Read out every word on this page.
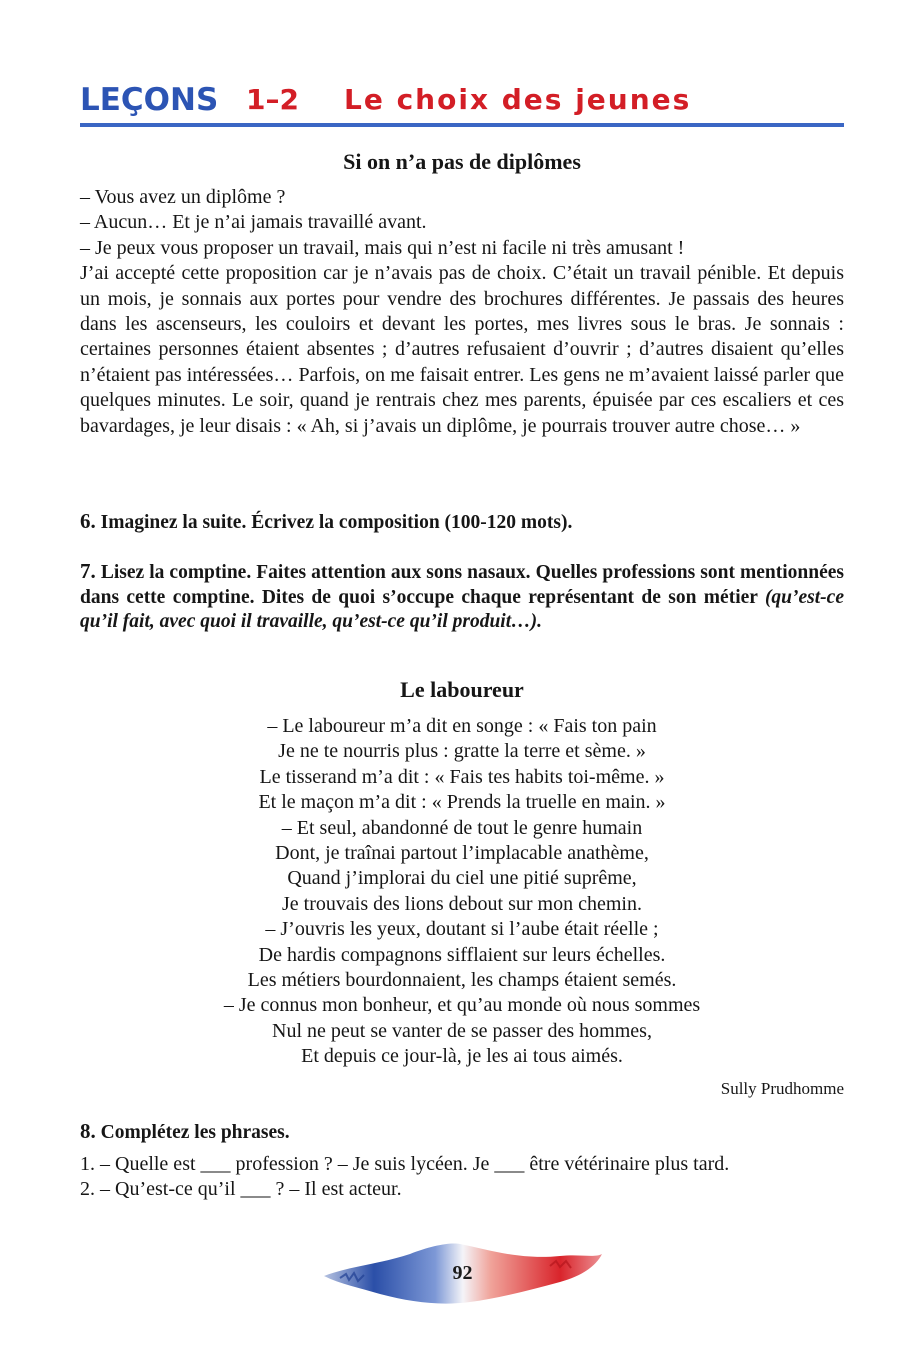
LEÇONS 1–2 Le choix des jeunes
Si on n’a pas de diplômes

– Vous avez un diplôme ?

– Aucun… Et je n’ai jamais travaillé avant.

– Je peux vous proposer un travail, mais qui n’est ni facile ni très amusant !

J’ai accepté cette proposition car je n’avais pas de choix. C’était un travail pénible. Et depuis un mois, je sonnais aux portes pour vendre des brochures différentes. Je passais des heures dans les ascenseurs, les couloirs et devant les portes, mes livres sous le bras. Je sonnais : certaines personnes étaient absentes ; d’autres refusaient d’ouvrir ; d’autres disaient qu’elles n’étaient pas intéressées… Parfois, on me faisait entrer. Les gens ne m’avaient laissé parler que quelques minutes. Le soir, quand je rentrais chez mes parents, épuisée par ces escaliers et ces bavardages, je leur disais : « Ah, si j’avais un diplôme, je pourrais trouver autre chose… »

6. Imaginez la suite. Écrivez la composition (100-120 mots).
7. Lisez la comptine. Faites attention aux sons nasaux. Quelles professions sont mentionnées dans cette comptine. Dites de quoi s’occupe chaque représentant de son métier (qu’est-ce qu’il fait, avec quoi il travaille, qu’est-ce qu’il produit…).
Le laboureur
– Le laboureur m’a dit en songe : « Fais ton pain
Je ne te nourris plus : gratte la terre et sème. »
Le tisserand m’a dit : « Fais tes habits toi-même. »
Et le maçon m’a dit : « Prends la truelle en main. »
– Et seul, abandonné de tout le genre humain
Dont, je traînai partout l’implacable anathème,
Quand j’implorai du ciel une pitié suprême,
Je trouvais des lions debout sur mon chemin.
– J’ouvris les yeux, doutant si l’aube était réelle ;
De hardis compagnons sifflaient sur leurs échelles.
Les métiers bourdonnaient, les champs étaient semés.
– Je connus mon bonheur, et qu’au monde où nous sommes
Nul ne peut se vanter de se passer des hommes,
Et depuis ce jour-là, je les ai tous aimés.
Sully Prudhomme
8. Complétez les phrases.

1. – Quelle est ___ profession ? – Je suis lycéen. Je ___ être vétérinaire plus tard.

2. – Qu’est-ce qu’il ___ ? – Il est acteur.

92
